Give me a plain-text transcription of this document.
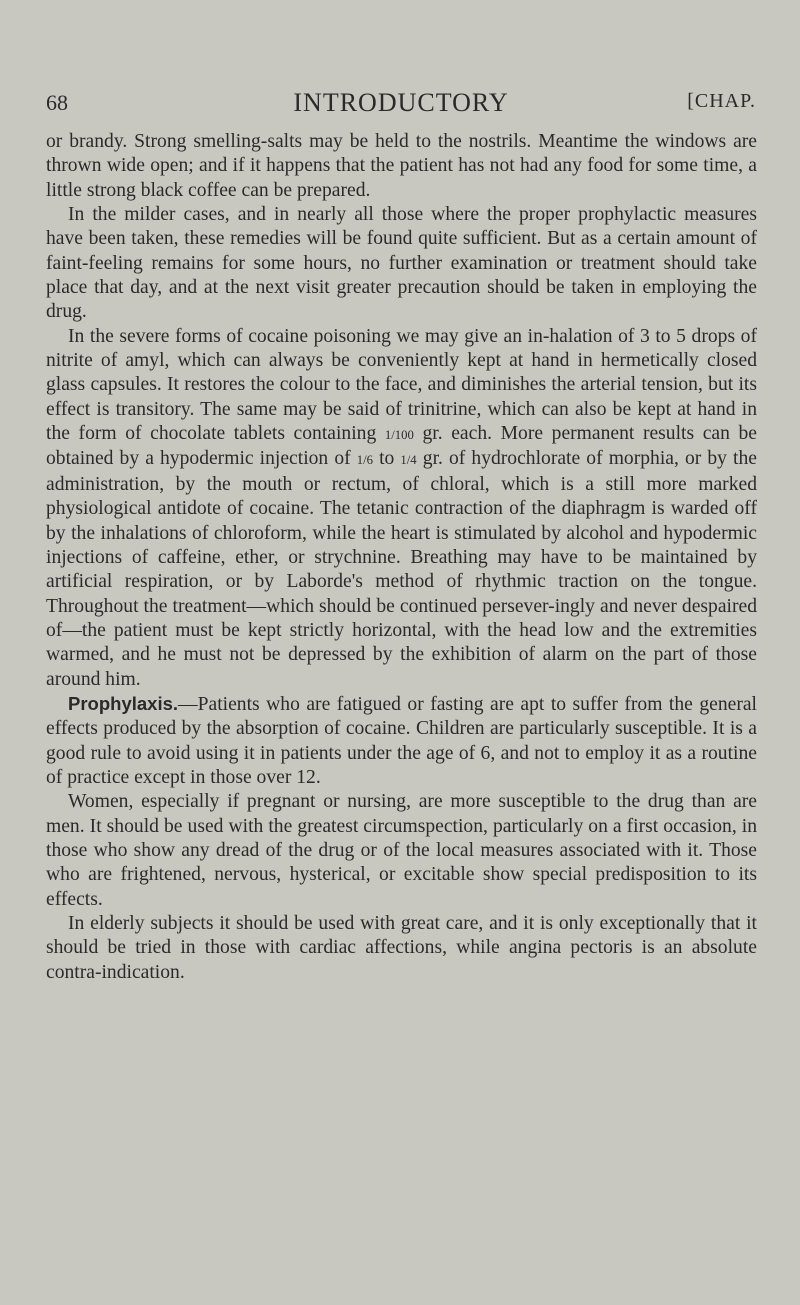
68	INTRODUCTORY	[CHAP.

or brandy. Strong smelling-salts may be held to the nostrils. Meantime the windows are thrown wide open; and if it happens that the patient has not had any food for some time, a little strong black coffee can be prepared.

In the milder cases, and in nearly all those where the proper prophylactic measures have been taken, these remedies will be found quite sufficient. But as a certain amount of faint-feeling remains for some hours, no further examination or treatment should take place that day, and at the next visit greater precaution should be taken in employing the drug.

In the severe forms of cocaine poisoning we may give an in-halation of 3 to 5 drops of nitrite of amyl, which can always be conveniently kept at hand in hermetically closed glass capsules. It restores the colour to the face, and diminishes the arterial tension, but its effect is transitory. The same may be said of trinitrine, which can also be kept at hand in the form of chocolate tablets containing 1/100 gr. each. More permanent results can be obtained by a hypodermic injection of 1/6 to 1/4 gr. of hydrochlorate of morphia, or by the administration, by the mouth or rectum, of chloral, which is a still more marked physiological antidote of cocaine. The tetanic contraction of the diaphragm is warded off by the inhalations of chloroform, while the heart is stimulated by alcohol and hypodermic injections of caffeine, ether, or strychnine. Breathing may have to be maintained by artificial respiration, or by Laborde's method of rhythmic traction on the tongue. Throughout the treatment—which should be continued persever-ingly and never despaired of—the patient must be kept strictly horizontal, with the head low and the extremities warmed, and he must not be depressed by the exhibition of alarm on the part of those around him.

Prophylaxis.—Patients who are fatigued or fasting are apt to suffer from the general effects produced by the absorption of cocaine. Children are particularly susceptible. It is a good rule to avoid using it in patients under the age of 6, and not to employ it as a routine of practice except in those over 12.

Women, especially if pregnant or nursing, are more susceptible to the drug than are men. It should be used with the greatest circumspection, particularly on a first occasion, in those who show any dread of the drug or of the local measures associated with it. Those who are frightened, nervous, hysterical, or excitable show special predisposition to its effects.

In elderly subjects it should be used with great care, and it is only exceptionally that it should be tried in those with cardiac affections, while angina pectoris is an absolute contra-indication.
